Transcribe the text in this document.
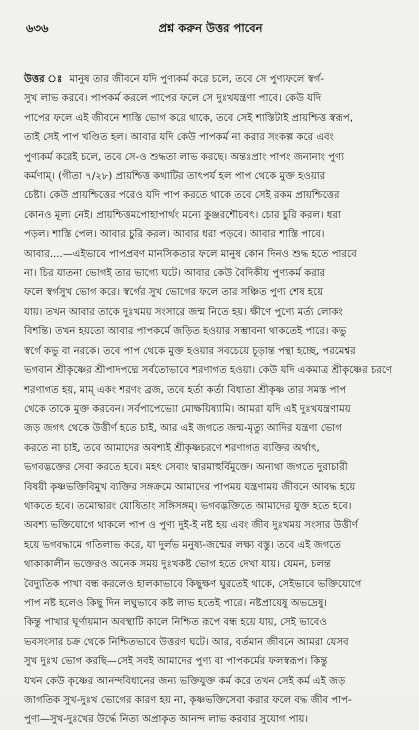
৬৩৬	প্রশ্ন করুন উত্তর পাবেন
উত্তর ঃ মানুষ তার জীবনে যদি পুণ্যকর্ম করে চলে, তবে সে পুণ্যফলে স্বর্গ-
সুখ লাভ করবে। পাপকর্ম করলে পাপের ফলে সে দুঃখযন্ত্রণা পাবে। কেউ যদি
পাপের ফলে এই জীবনে শাস্তি ভোগ করে থাকে, তবে সেই শাস্তিটাই প্রায়শ্চিত্ত স্বরূপ,
তাই সেই পাপ খণ্ডিত হল। আবার যদি কেউ পাপকর্ম না করার সংকল্প করে এবং
পুণ্যকর্ম করেই চলে, তবে সে-ও শুদ্ধতা লাভ করছে। অন্তঃপ্রাং পাপং জনানাং পুণ্য
কর্মণাম্‌। (গীতা ৭/২৮) প্রায়শ্চিত্ত কথাটির তাৎপর্য হল পাপ থেকে মুক্ত হওয়ার
চেষ্টা। কেউ প্রায়শ্চিত্তের পরেও যদি পাপ করতে থাকে তবে সেই রকম প্রায়শ্চিত্তের
কোনও মূল্য নেই। প্রায়শ্চিত্তমপোহাপার্থং মন্যে কুঞ্জরশৌচবৎ। চোর চুরি করল। ধরা
পড়ল। শাস্তি পেল। আবার চুরি করল। আবার ধরা পড়বে। আবার শাস্তি পাবে।
আবার....—এইভাবে পাপপ্রবণ মানসিকতার ফলে মানুষ কোন দিনও শুদ্ধ হতে পারবে
না। চির যাতনা ভোগই তার ভাগ্যে ঘটে। আবার কেউ বৈদিকীয় পুণ্যকর্ম করার
ফলে স্বর্গসুখ ভোগ করে। স্বর্গের সুখ ভোগের ফলে তার সঞ্চিত পুণ্য শেষ হয়ে
যায়। তখন আবার তাকে দুঃখময় সংসারে জন্ম নিতে হয়। ক্ষীণে পুণ্যে মর্ত্য লোকং
বিশন্তি। তখন হয়তো আবার পাপকর্মে জড়িত হওয়ার সম্ভাবনা থাকতেই পারে। কভু
স্বর্গে কভু বা নরকে। তবে পাপ থেকে মুক্ত হওয়ার সবচেয়ে চূড়ান্ত পন্থা হচ্ছে, পরমেশ্বর
ভগবান শ্রীকৃষ্ণের শ্রীপাদপদ্মে সর্বতোভাবে শরণাগত হওয়া। কেউ যদি একমাত্র শ্রীকৃষ্ণের চরণে
শরণাগত হয়, মাম্‌ একং শরণং ব্রজ, তবে হর্তা কর্তা বিধাতা শ্রীকৃষ্ণ তার সমস্ত পাপ
থেকে তাকে মুক্ত করবেন। সর্বপাপেভ্যো মোক্ষয়িষ্যামি। আমরা যদি এই দুঃখযন্ত্রণাময়
জড় জগৎ থেকে উত্তীর্ণ হতে চাই, আর এই জগতে জন্ম-মৃত্যু আদির যন্ত্রণা ভোগ
করতে না চাই, তবে আমাদের অবশ্যই শ্রীকৃষ্ণচরণে শরণাগত ব্যক্তির অর্থাৎ,
ভগবদ্ভক্তের সেবা করতে হবে। মহৎ সেবাং দ্বারমাহুর্বিমুক্তে। অন্যথা জগতে দুরাচারী
বিষয়ী কৃষ্ণভক্তিবিমুখ ব্যক্তির সঙ্গক্রমে আমাদের পাপময় যন্ত্রণাময় জীবনে আবদ্ধ হয়ে
থাকতে হবে। তমোদ্বারং যোষিতাং সঙ্গিসঙ্গম্‌। ভগবদ্ভক্তিতে আমাদের যুক্ত হতে হবে।
অবশ্য ভক্তিযোগে থাকলে পাপ ও পুণ্য দুই-ই নষ্ট হয় এবং জীব দুঃখময় সংসার উত্তীর্ণ
হয়ে ভগবদ্ধামে গতিলাভ করে, যা দুর্লভ মনুষ্য-জন্মের লক্ষ্য বস্তু। তবে এই জগতে
থাকাকালীন ভক্তেরও অনেক সময় দুঃখকষ্ট ভোগ হতে দেখা যায়। যেমন, চলন্ত
বৈদ্যুতিক পাখা বন্ধ করলেও হালকাভাবে কিছুক্ষণ ঘুরতেই থাকে, সেইভাবে ভক্তিযোগে
পাপ নষ্ট হলেও কিছু দিন লঘুভাবে কষ্ট লাভ হতেই পারে। নষ্টপ্রায়েষু অভদ্রেষু।
কিন্তু পাখার ঘূর্ণায়মান অবস্থাটি কালে নিশ্চিত রূপে বন্ধ হয়ে যায়, সেই ভাবেও
ভবসংসার চক্র থেকে নিশ্চিতভাবে উত্তরণ ঘটে। আর, বর্তমান জীবনে আমরা যেসব
সুখ দুঃখ ভোগ করছি—সেই সবই আমাদের পুণ্য বা পাপকর্মের ফলস্বরূপ। কিন্তু
যখন কেউ কৃষ্ণের আনন্দবিধানের জন্য ভক্তিযুক্ত কর্ম করে তখন সেই কর্ম এই জড়
জাগতিক সুখ-দুঃখ ভোগের কারণ হয় না, কৃষ্ণভক্তিসেবা করার ফলে বদ্ধ জীব পাপ-
পুণ্য—সুখ-দুঃখের উর্দ্ধে নিত্য অপ্রাকৃত আনন্দ লাভ করবার সুযোগ পায়।
